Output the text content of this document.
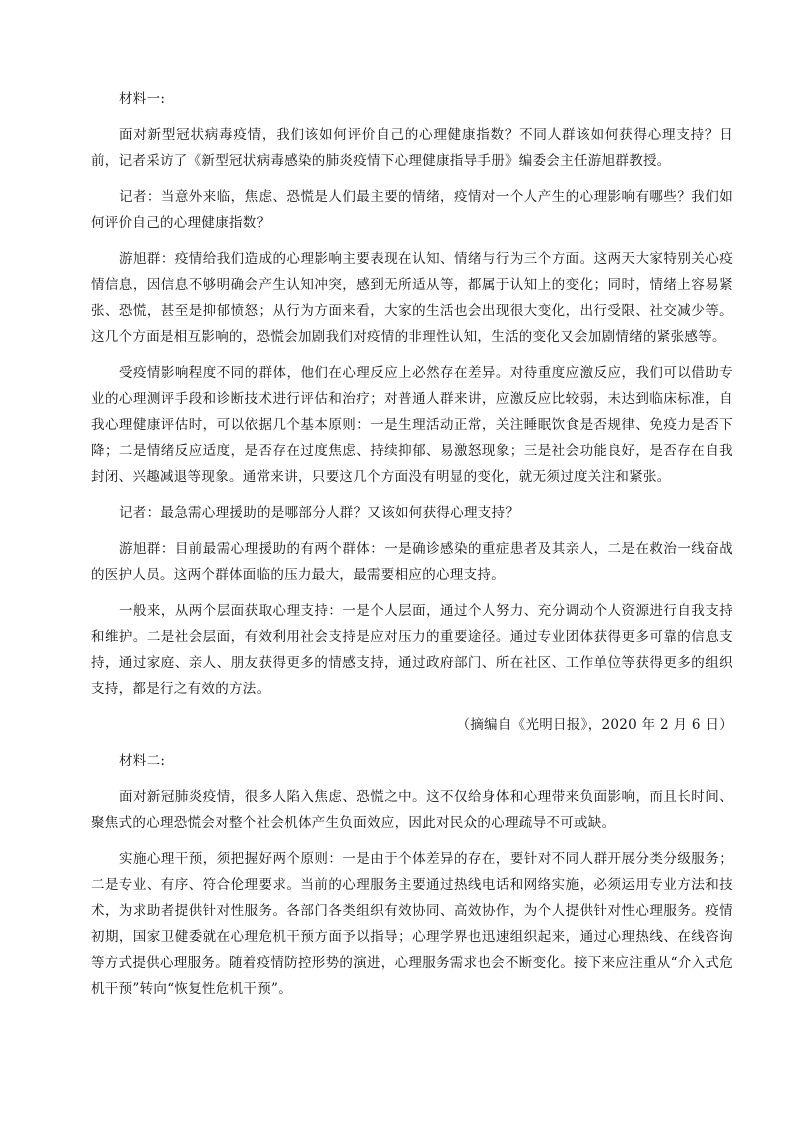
材料一:

面对新型冠状病毒疫情，我们该如何评价自己的心理健康指数？不同人群该如何获得心理支持？日前，记者采访了《新型冠状病毒感染的肺炎疫情下心理健康指导手册》编委会主任游旭群教授。

记者：当意外来临，焦虑、恐慌是人们最主要的情绪，疫情对一个人产生的心理影响有哪些？我们如何评价自己的心理健康指数？

游旭群：疫情给我们造成的心理影响主要表现在认知、情绪与行为三个方面。这两天大家特别关心疫情信息，因信息不够明确会产生认知冲突，感到无所适从等，都属于认知上的变化；同时，情绪上容易紧张、恐慌，甚至是抑郁愤怒；从行为方面来看，大家的生活也会出现很大变化，出行受限、社交减少等。这几个方面是相互影响的，恐慌会加剧我们对疫情的非理性认知，生活的变化又会加剧情绪的紧张感等。

受疫情影响程度不同的群体，他们在心理反应上必然存在差异。对待重度应激反应，我们可以借助专业的心理测评手段和诊断技术进行评估和治疗；对普通人群来讲，应激反应比较弱，未达到临床标准，自我心理健康评估时，可以依据几个基本原则：一是生理活动正常，关注睡眠饮食是否规律、免疫力是否下降；二是情绪反应适度，是否存在过度焦虑、持续抑郁、易激怒现象；三是社会功能良好，是否存在自我封闭、兴趣减退等现象。通常来讲，只要这几个方面没有明显的变化，就无须过度关注和紧张。

记者：最急需心理援助的是哪部分人群？又该如何获得心理支持？

游旭群：目前最需心理援助的有两个群体：一是确诊感染的重症患者及其亲人，二是在救治一线奋战的医护人员。这两个群体面临的压力最大，最需要相应的心理支持。

一般来，从两个层面获取心理支持：一是个人层面，通过个人努力、充分调动个人资源进行自我支持和维护。二是社会层面，有效利用社会支持是应对压力的重要途径。通过专业团体获得更多可靠的信息支持，通过家庭、亲人、朋友获得更多的情感支持，通过政府部门、所在社区、工作单位等获得更多的组织支持，都是行之有效的方法。

（摘编自《光明日报》，2020 年 2 月 6 日）

材料二:

面对新冠肺炎疫情，很多人陷入焦虑、恐慌之中。这不仅给身体和心理带来负面影响，而且长时间、聚焦式的心理恐慌会对整个社会机体产生负面效应，因此对民众的心理疏导不可或缺。

实施心理干预，须把握好两个原则：一是由于个体差异的存在，要针对不同人群开展分类分级服务；二是专业、有序、符合伦理要求。当前的心理服务主要通过热线电话和网络实施，必须运用专业方法和技术，为求助者提供针对性服务。各部门各类组织有效协同、高效协作，为个人提供针对性心理服务。疫情初期，国家卫健委就在心理危机干预方面予以指导；心理学界也迅速组织起来，通过心理热线、在线咨询等方式提供心理服务。随着疫情防控形势的演进，心理服务需求也会不断变化。接下来应注重从“介入式危机干预”转向“恢复性危机干预”。
